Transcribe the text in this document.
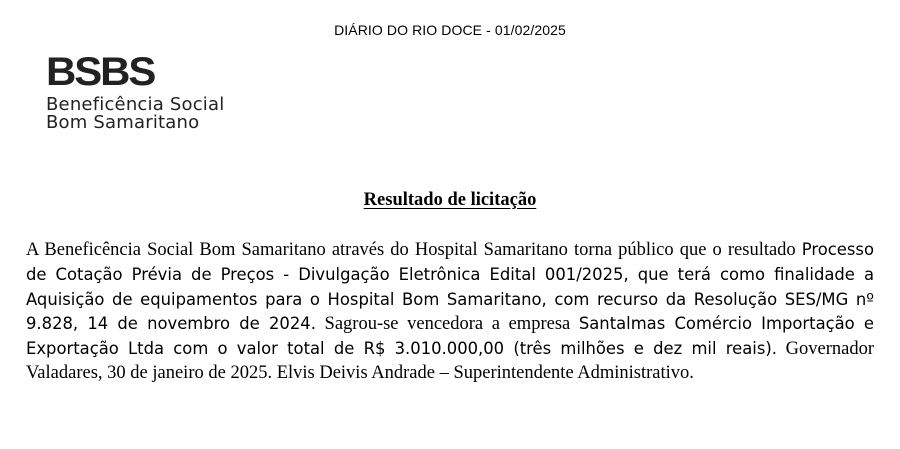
DIÁRIO DO RIO DOCE - 01/02/2025
BSBS
Beneficência Social
Bom Samaritano
Resultado de licitação

A Beneficência Social Bom Samaritano através do Hospital Samaritano torna público que o resultado Processo de Cotação Prévia de Preços - Divulgação Eletrônica Edital 001/2025, que terá como finalidade a Aquisição de equipamentos para o Hospital Bom Samaritano, com recurso da Resolução SES/MG nº 9.828, 14 de novembro de 2024. Sagrou-se vencedora a empresa Santalmas Comércio Importação e Exportação Ltda com o valor total de R$ 3.010.000,00 (três milhões e dez mil reais). Governador Valadares, 30 de janeiro de 2025. Elvis Deivis Andrade – Superintendente Administrativo.
